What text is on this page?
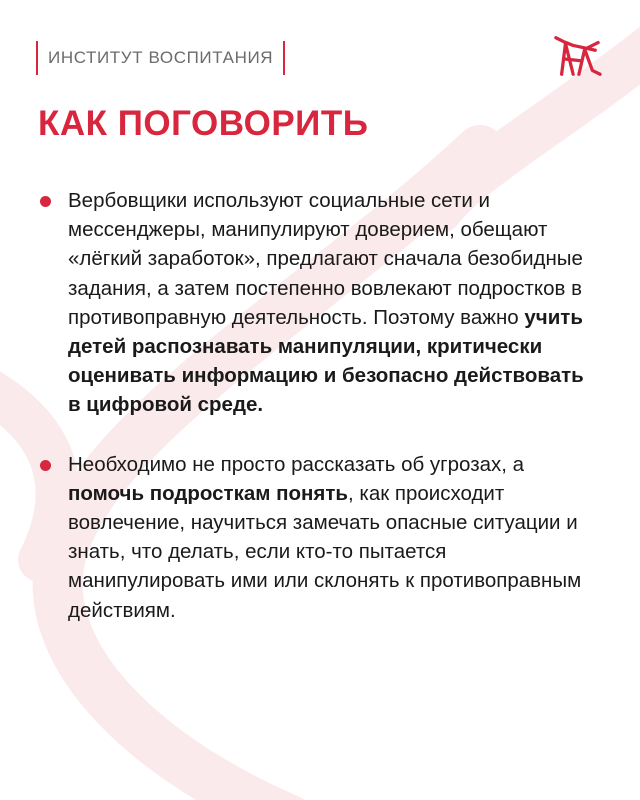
ИНСТИТУТ ВОСПИТАНИЯ
КАК ПОГОВОРИТЬ

Вербовщики используют социальные сети и мессенджеры, манипулируют доверием, обещают «лёгкий заработок», предлагают сначала безобидные задания, а затем постепенно вовлекают подростков в противоправную деятельность. Поэтому важно учить детей распознавать манипуляции, критически оценивать информацию и безопасно действовать в цифровой среде.

Необходимо не просто рассказать об угрозах, а помочь подросткам понять, как происходит вовлечение, научиться замечать опасные ситуации и знать, что делать, если кто-то пытается манипулировать ими или склонять к противоправным действиям.
